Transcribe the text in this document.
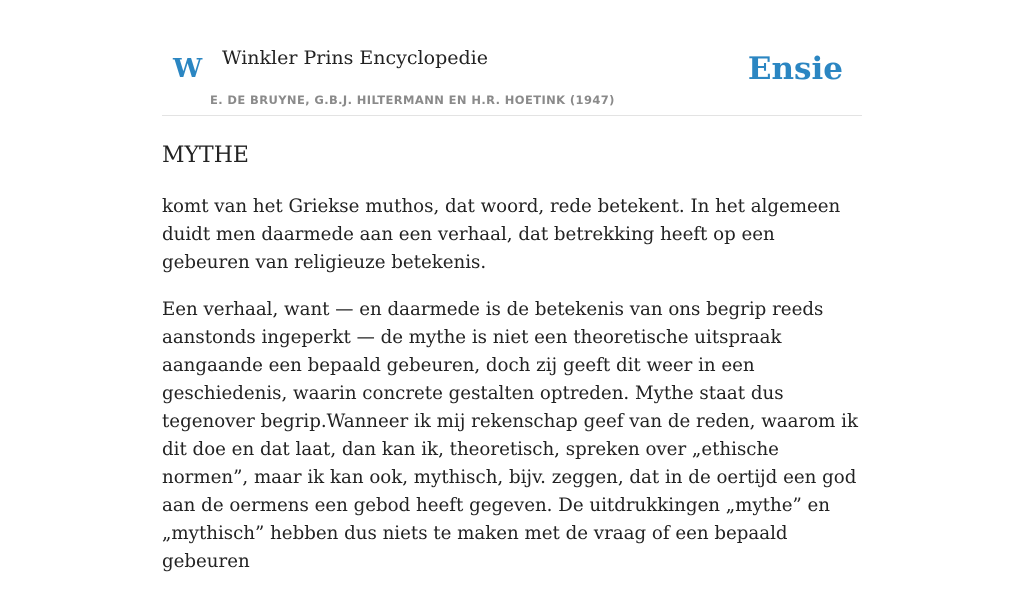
W Winkler Prins Encyclopedie
E. DE BRUYNE, G.B.J. HILTERMANN EN H.R. HOETINK (1947)
Ensie
MYTHE

komt van het Griekse muthos, dat woord, rede betekent. In het algemeen duidt men daarmede aan een verhaal, dat betrekking heeft op een gebeuren van religieuze betekenis.

Een verhaal, want — en daarmede is de betekenis van ons begrip reeds aanstonds ingeperkt — de mythe is niet een theoretische uitspraak aangaande een bepaald gebeuren, doch zij geeft dit weer in een geschiedenis, waarin concrete gestalten optreden. Mythe staat dus tegenover begrip.Wanneer ik mij rekenschap geef van de reden, waarom ik dit doe en dat laat, dan kan ik, theoretisch, spreken over „ethische normen”, maar ik kan ook, mythisch, bijv. zeggen, dat in de oertijd een god aan de oermens een gebod heeft gegeven. De uitdrukkingen „mythe” en „mythisch” hebben dus niets te maken met de vraag of een bepaald gebeuren
